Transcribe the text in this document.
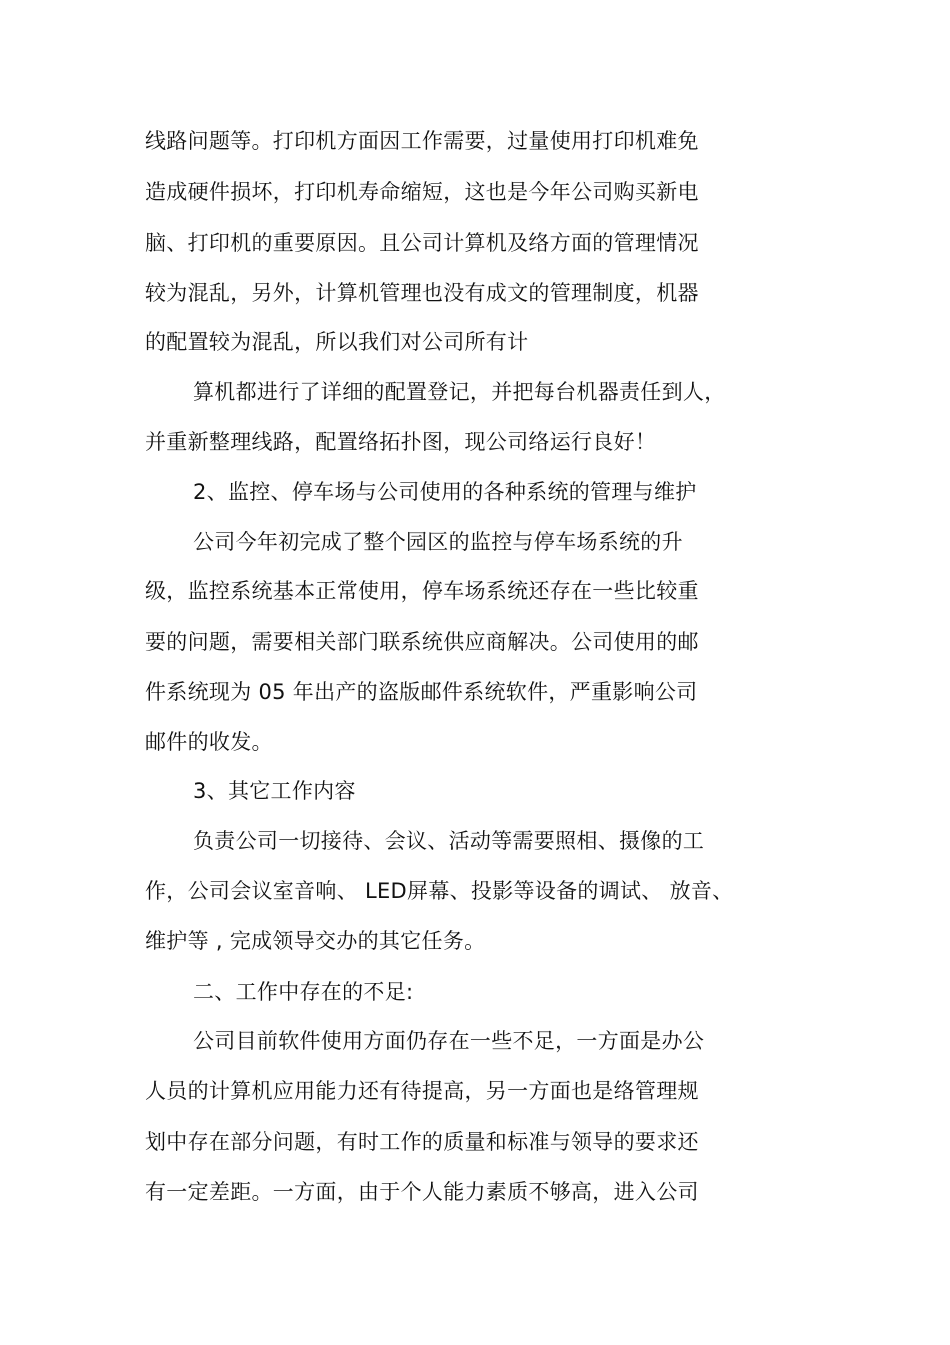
线路问题等。打印机方面因工作需要，过量使用打印机难免
造成硬件损坏，打印机寿命缩短，这也是今年公司购买新电
脑、打印机的重要原因。且公司计算机及络方面的管理情况
较为混乱，另外，计算机管理也没有成文的管理制度，机器
的配置较为混乱，所以我们对公司所有计
算机都进行了详细的配置登记，并把每台机器责任到人，
并重新整理线路，配置络拓扑图，现公司络运行良好！
2、监控、停车场与公司使用的各种系统的管理与维护
公司今年初完成了整个园区的监控与停车场系统的升
级，监控系统基本正常使用，停车场系统还存在一些比较重
要的问题，需要相关部门联系统供应商解决。公司使用的邮
件系统现为 05 年出产的盗版邮件系统软件，严重影响公司
邮件的收发。
3、其它工作内容
负责公司一切接待、会议、活动等需要照相、摄像的工
作，公司会议室音响、 LED屏幕、投影等设备的调试、 放音、
维护等 , 完成领导交办的其它任务。
二、工作中存在的不足:
公司目前软件使用方面仍存在一些不足，一方面是办公
人员的计算机应用能力还有待提高，另一方面也是络管理规
划中存在部分问题，有时工作的质量和标准与领导的要求还
有一定差距。一方面，由于个人能力素质不够高，进入公司
